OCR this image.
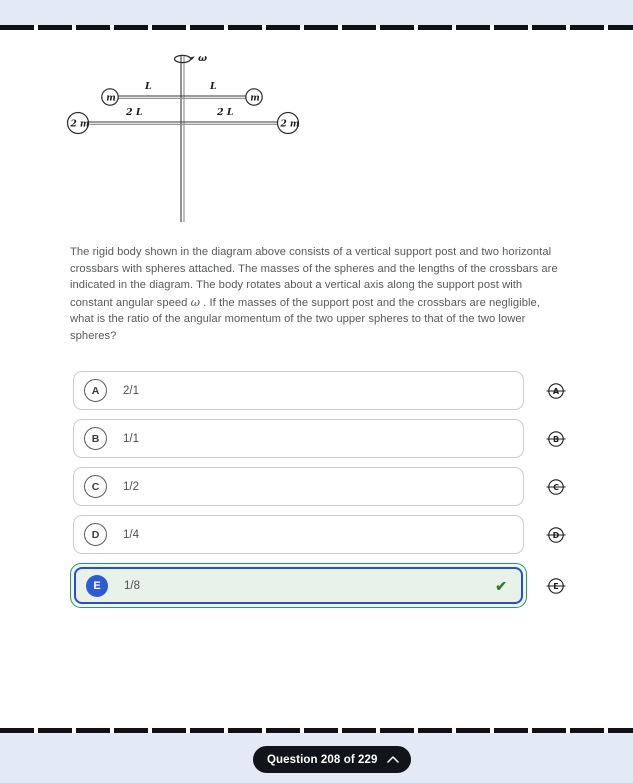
ω
m	m
L	L
2 m	2 m
2 L	2 L
The rigid body shown in the diagram above consists of a vertical support post and two horizontal crossbars with spheres attached. The masses of the spheres and the lengths of the crossbars are indicated in the diagram. The body rotates about a vertical axis along the support post with constant angular speed ω . If the masses of the support post and the crossbars are negligible, what is the ratio of the angular momentum of the two upper spheres to that of the two lower spheres?
A	2/1	A
B	1/1	B
C	1/2	C
D	1/4	D
E	1/8	✔	E
Question 208 of 229
